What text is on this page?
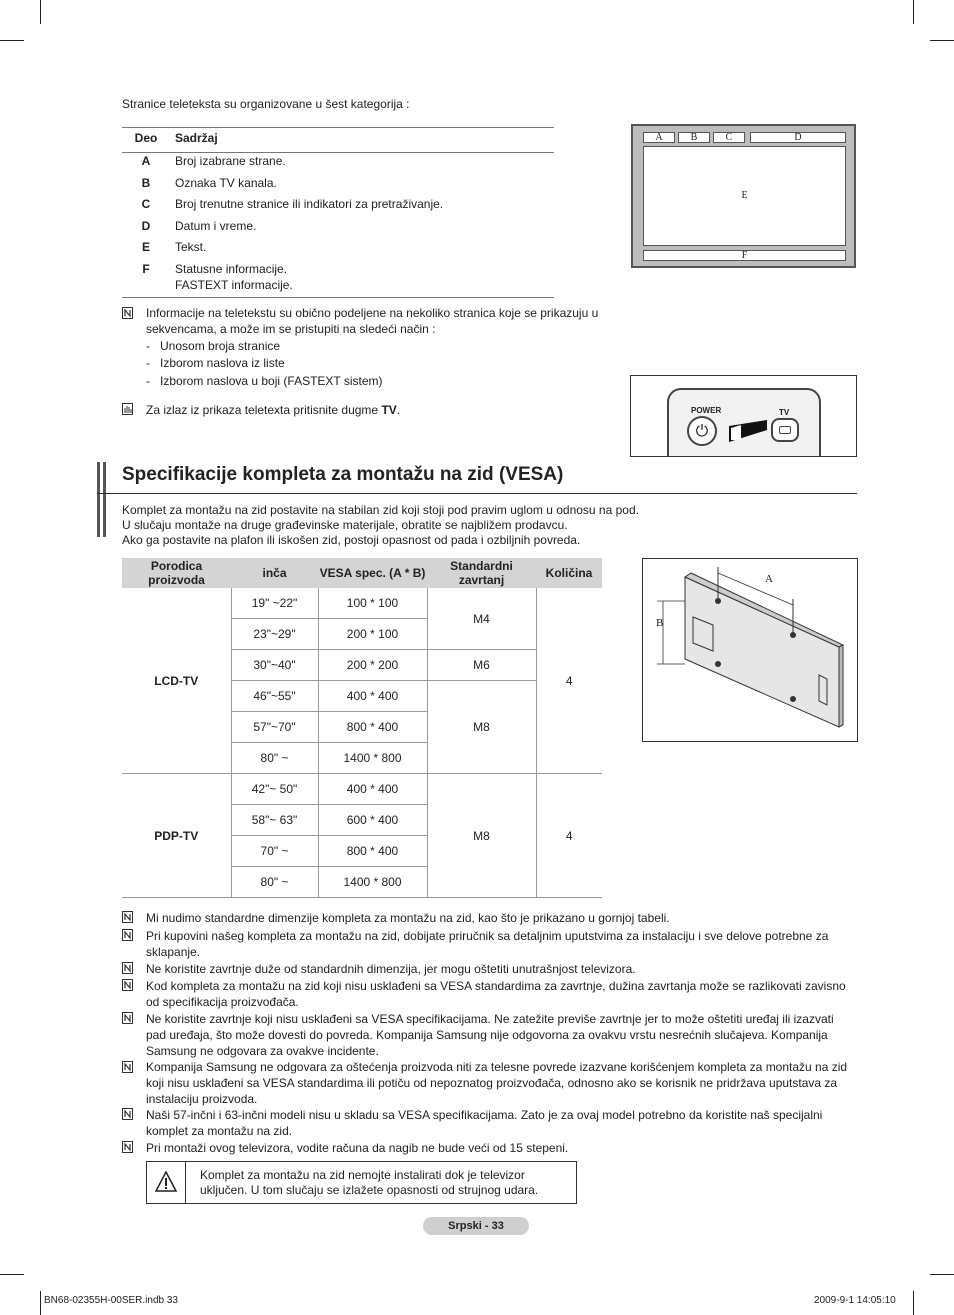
Stranice teleteksta su organizovane u šest kategorija :
Deo	Sadržaj
A	Broj izabrane strane.
B	Oznaka TV kanala.
C	Broj trenutne stranice ili indikatori za pretraživanje.
D	Datum i vreme.
E	Tekst.
F	Statusne informacije.
FASTEXT informacije.
A	B	C	D
E
F
Informacije na teletekstu su obično podeljene na nekoliko stranica koje se prikazuju u
sekvencama, a može im se pristupiti na sledeći način :
-   Unosom broja stranice
-   Izborom naslova iz liste
-   Izborom naslova u boji (FASTEXT sistem)
Za izlaz iz prikaza teletexta pritisnite dugme TV.	POWER
⏻
TV
Specifikacije kompleta za montažu na zid (VESA)
Komplet za montažu na zid postavite na stabilan zid koji stoji pod pravim uglom u odnosu na pod.
U slučaju montaže na druge građevinske materijale, obratite se najbližem prodavcu.
Ako ga postavite na plafon ili iskošen zid, postoji opasnost od pada i ozbiljnih povreda.
Porodica
proizvoda	inča	VESA spec. (A * B)	Standardni
zavrtanj	Količina
LCD-TV	19" ~22"	100 * 100	M4	4
	23"~29"	200 * 100		
	30"~40"	200 * 200	M6	
	46"~55"	400 * 400	M8	
	57"~70"	800 * 400		
	80" ~	1400 * 800		
PDP-TV	42"~ 50"	400 * 400	M8	4
	58"~ 63"	600 * 400		
	70" ~	800 * 400		
	80" ~	1400 * 800		
A
B
Mi nudimo standardne dimenzije kompleta za montažu na zid, kao što je prikazano u gornjoj tabeli.
Pri kupovini našeg kompleta za montažu na zid, dobijate priručnik sa detaljnim uputstvima za instalaciju i sve delove potrebne za sklapanje.
Ne koristite zavrtnje duže od standardnih dimenzija, jer mogu oštetiti unutrašnjost televizora.
Kod kompleta za montažu na zid koji nisu usklađeni sa VESA standardima za zavrtnje, dužina zavrtanja može se razlikovati zavisno od specifikacija proizvođača.
Ne koristite zavrtnje koji nisu usklađeni sa VESA specifikacijama. Ne zatežite previše zavrtnje jer to može oštetiti uređaj ili izazvati pad uređaja, što može dovesti do povreda. Kompanija Samsung nije odgovorna za ovakvu vrstu nesrećnih slučajeva. Kompanija Samsung ne odgovara za ovakve incidente.
Kompanija Samsung ne odgovara za oštećenja proizvoda niti za telesne povrede izazvane korišćenjem kompleta za montažu na zid koji nisu usklađeni sa VESA standardima ili potiču od nepoznatog proizvođača, odnosno ako se korisnik ne pridržava uputstava za instalaciju proizvoda.
Naši 57-inčni i 63-inčni modeli nisu u skladu sa VESA specifikacijama. Zato je za ovaj model potrebno da koristite naš specijalni komplet za montažu na zid.
Pri montaži ovog televizora, vodite računa da nagib ne bude veći od 15 stepeni.
Komplet za montažu na zid nemojte instalirati dok je televizor
uključen. U tom slučaju se izlažete opasnosti od strujnog udara.
Srpski - 33
BN68-02355H-00SER.indb 33	2009-9-1 14:05:10
